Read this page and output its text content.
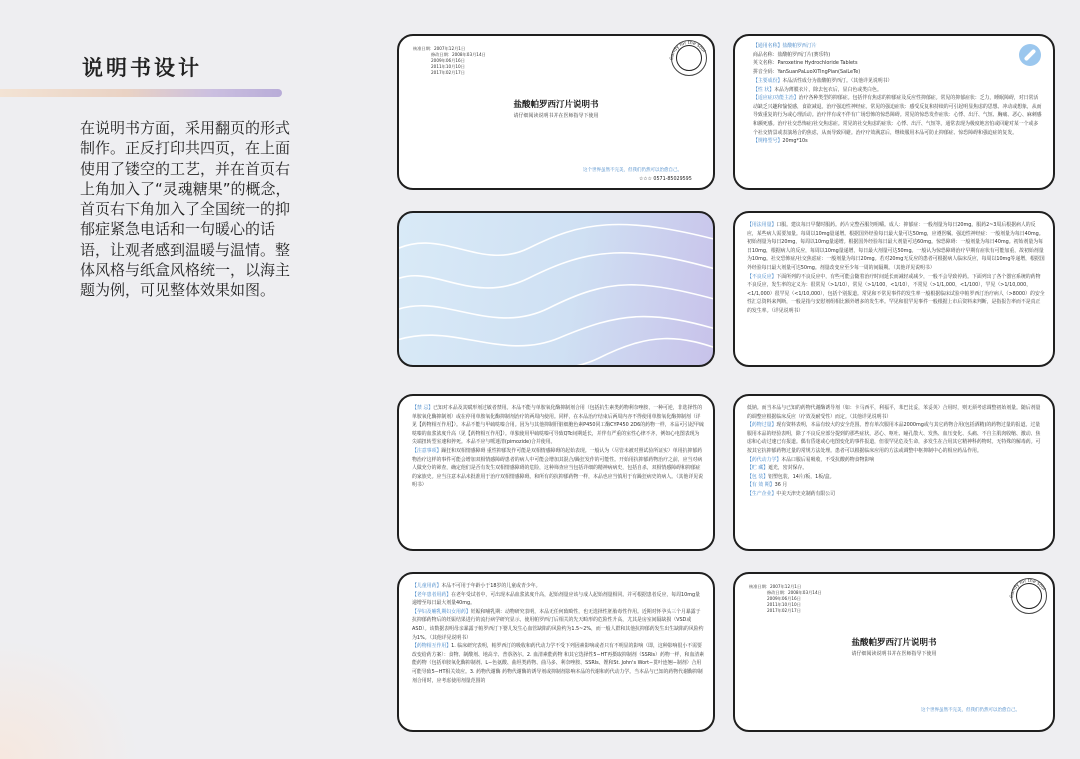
说明书设计
在说明书方面，采用翻页的形式制作。正反打印共四页，在上面使用了镂空的工艺，并在首页右上角加入了“灵魂糖果”的概念，首页右下角加入了全国统一的抑郁症紧急电话和一句暖心的话语，让观者感到温暖与温情。整体风格与纸盒风格统一，以海主题为例，可见整体效果如图。
核准日期：2007年12月1日
修改日期：2008年03月14日
2009年06月16日
2011年10月10日
2017年02月17日
Candy for the soul
盐酸帕罗西汀片说明书
请仔细阅读说明书并在医师指导下使用
这个世界虽然不完美，但我们仍然可以治愈自己。
☆☆☆ 0571-85029595
【通用名称】盐酸帕罗西汀片
商品名称：盐酸帕罗西汀片(赛乐特)
英文名称：Paroxetine Hydrochloride Tablets
拼音全码：YanSuanPaLuoXiTingPian(SaiLeTe)
【主要成份】本品活性成分为盐酸帕罗西汀。（其他详见说明书）
【性 状】本品为薄膜衣片，除去包衣后，显白色或类白色。
【适应症/功能主治】治疗各种类型的抑郁症。包括伴有焦虑的抑郁症及反应性抑郁症。常见的抑郁症状：乏力，睡眠障碍，对日常活动缺乏兴趣和愉悦感，食欲减退。治疗强迫性神经症。常见的强迫症状：感受反复和持续的可引起明显焦虑的思想、冲动或想象，从而导致重复的行为或心理活动。治疗伴有或不伴有广场恐怖的惊恐障碍。常见的惊恐发作症状：心悸、出汗、气短、胸痛、恶心、麻刺感和濒死感。治疗社交恐怖症/社交焦虑症。常见的社交焦虑的症状：心悸、出汗、气短等。通常表现为极度地害怕或回避对某一个或多个社交情景或表演场合的焦虑，从而导致回避。治疗疗效满意后，继续服用本品可防止抑郁症、惊恐障碍和强迫症的复发。
【规格型号】20mg*10s
【用法用量】口服。建议每日早餐时服药。药片完整吞服勿咀嚼。成人：抑郁症：一般剂量为每日20mg。服药2~3周后根据病人的反应，某些病人需要加量。每周以10mg量递增。根据国外经验每日最大量可达50mg，应遵医嘱。强迫性神经症：一般剂量为每日40mg。初始剂量为每日20mg，每周以10mg量递增。根据国外经验每日最大剂量可达60mg。惊恐障碍：一般剂量为每日40mg。初始剂量为每日10mg，根据病人的反应，每周以10mg量递增，每日最大剂量可达50mg。一般认为惊恐障碍治疗早期有症状有可能加重，故初始剂量为10mg。社交恐怖症/社交焦虑症：一般剂量为每日20mg。若对20mg无反应的患者可根据病人临床反应，每周以10mg等递增，根据国外经验每日最大剂量可达50mg。剂量改变应至少每一周的间隔期。（其他详见说明书）
【不良反应】下面所列的不良反应中，有些可能会随着治疗时间延长而减轻或减少，一般不会导致停药。下面列出了各个器官系统的药物不良反应，发生率的定义为：很常见（>1/10），常见（>1/100，<1/10），不常见（>1/1,000，<1/100），罕见（>1/10,000，<1/1,000）很罕见（<1/10,000），包括个别报道。常见和不常见事件的发生率一般根据临床试验中帕罗西汀治疗病人（>8000）的安全性汇总资料来判断，一般是指与安慰剂组相比额外增多的发生率。罕见和很罕见事件一般根据上市后资料来判断，是指报告率而不是真正的发生率。（详见说明书）
【禁 忌】已知对本品及其赋形剂过敏者禁用。本品不能与单胺氧化酶抑制剂合用（包括抗生素类药物利奈唑胺，一种可逆，非选择性的单胺氧化酶抑制剂）或在停用单胺氧化酶抑制剂治疗的两周内使用。同样，在本品治疗结束后两周内亦不得使用单胺氧化酶抑制剂（详见【药物相互作用】）。本品不能与甲硫哒嗪合用。因为与其他抑制肝脏细胞色素P450同工酶CYP450 2D6的药物一样，本品可引起甲硫哒嗪的血浆浓度升高（见【药物相互作用】）。单独使用甲硫哒嗪可导致QTc间期延长，并伴有严重的室性心律不齐，例如心电图表现为尖端扭转型室速和猝死。本品不应与哌迷清(pimozide)合并使用。
【注意事项】躁狂和双相情感障碍 重性抑郁发作可能是双相情感障碍的起始表现。一般认为（尽管未被对照试验所证实）单用抗抑郁药物治疗这样的事件可能会增加双相情感障碍患者的病人中可能会增加其混合/躁狂发作的可能性。开始用抗抑郁药物治疗之前，应当对病人做充分的筛查，确定他们是否有发生双相情感障碍的危险，这种筛查应当包括详细的精神病病史，包括自杀，双相情感障碍和抑郁症的家族史。应当注意本品未批准用于治疗双相情感障碍。和所有的抗抑郁药物一样，本品也应当慎用于有躁狂病史的病人。（其他详见说明书）
低钠。而当本品与已知的药物代谢酶诱导剂（如：卡马西平，利福平，苯巴比妥，苯妥英）合用时，则无须考虑调整初始剂量。随后剂量的调整应根据临床反应（疗效及耐受性）而定。（其他详见说明书）
【药物过量】现有资料表明，本品有较大的安全范围。曾有单次服用本品2000mg或与其它药物合用(包括酒精)的药物过量的报道。过量服用本品的经验表明，除了不良反应部分提到的那些症状，恶心、呕吐、瞳孔散大、发热、血压变化、头痛、不自主肌肉收缩、激动、焦虑和心动过速已有报道。偶有昏迷或心电图变化的事件报道，但很罕见危及生命，多发生在合用其它精神科药物时。无特殊的解毒药。可按其它抗抑郁药物过量的常规方法处理。患者可以根据临床应用的方法或调整中枢抑制中心的相应药品作用。
【药代动力学】本品口服后易吸收，不受抗酸药物食物影响
【贮 藏】遮光，密封保存。
【包 装】铝塑包装，14片/板，1板/盒。
【有 效 期】36 月
【生产企业】中美天津史克制药有限公司
【儿童用药】本品不可用于年龄小于18岁的儿童或青少年。
【老年患者用药】在老年受试者中，可出现本品血浆浓度升高，起始剂量应该与成人起始剂量相同。并可根据患者反应，每周10mg量递增至每日最大剂量40mg。
【孕妇及哺乳期妇女用药】妊娠和哺乳期：动物研究表明，本品无任何致畸性，也无选择性胚胎毒性作用。近期对怀孕头三个月暴露于抗抑郁药物后的妊娠结果进行的流行病学研究显示，使用帕罗西汀后相关的先天畸形的危险性升高，尤其是房室间隔缺损（VSD或ASD）。该数据表明母亲暴露于帕罗西汀下婴儿发生心血管缺陷的风险约为1.5~2%，而一般人群和其他抗抑郁药发生出生缺陷的风险约为1%。（其他详见说明书）
【药物相互作用】1. 临床研究表明，帕罗西汀的吸收和药代动力学不受下列因素影响或者只有不明显的影响（即，这种影响很小不需要改变给药方案）：食物、制酸剂、地高辛、普萘洛尔。2. 血清素能药物 和其它选择性5−HT再摄取抑制剂（SSRIs）药物一样，和血清素能药物（包括单胺氧化酶抑制剂、L−色氨酸、曲坦类药物、曲马多、利奈唑胺、SSRIs、锂和St. John's Wort−贯叶连翘−制剂）合用可能导致5−HT相关效应。3. 药物代谢酶 药物代谢酶的诱导剂或抑制剂影响本品的代谢和药代动力学。当本品与已知的药物代谢酶抑制剂合用时，应考虑使用剂量范围的
核准日期：2007年12月1日
修改日期：2008年03月14日
2009年06月16日
2011年10月10日
2017年02月17日
Candy for the soul
盐酸帕罗西汀片说明书
请仔细阅读说明书并在医师指导下使用
这个世界虽然不完美，但我们仍然可以治愈自己。
